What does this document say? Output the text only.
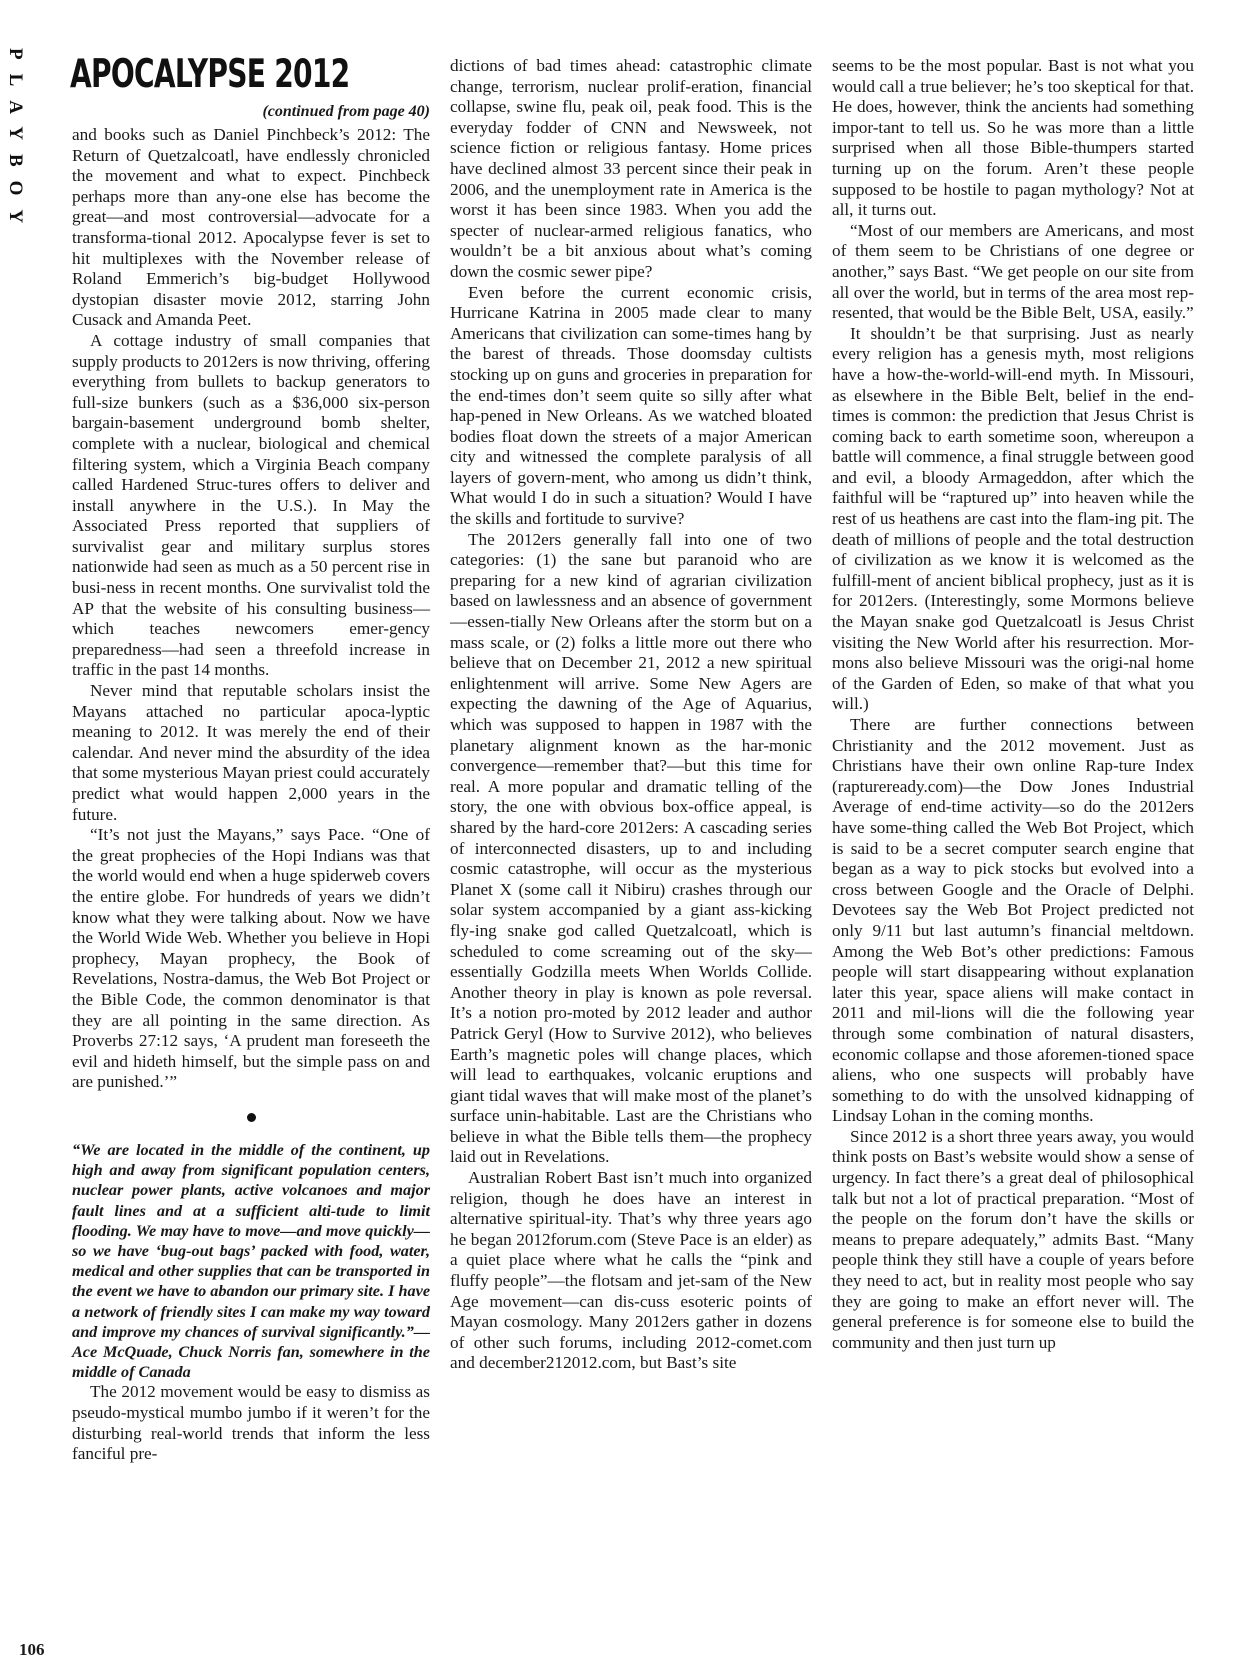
PLAYBOY APOCALYPSE 2012
(continued from page 40)

and books such as Daniel Pinchbeck’s 2012: The Return of Quetzalcoatl, have endlessly chronicled the movement and what to expect. Pinchbeck perhaps more than any-one else has become the great—and most controversial—advocate for a transforma-tional 2012. Apocalypse fever is set to hit multiplexes with the November release of Roland Emmerich’s big-budget Hollywood dystopian disaster movie 2012, starring John Cusack and Amanda Peet.

A cottage industry of small companies that supply products to 2012ers is now thriving, offering everything from bullets to backup generators to full-size bunkers (such as a $36,000 six-person bargain-basement underground bomb shelter, complete with a nuclear, biological and chemical filtering system, which a Virginia Beach company called Hardened Struc-tures offers to deliver and install anywhere in the U.S.). In May the Associated Press reported that suppliers of survivalist gear and military surplus stores nationwide had seen as much as a 50 percent rise in busi-ness in recent months. One survivalist told the AP that the website of his consulting business—which teaches newcomers emer-gency preparedness—had seen a threefold increase in traffic in the past 14 months.

Never mind that reputable scholars insist the Mayans attached no particular apoca-lyptic meaning to 2012. It was merely the end of their calendar. And never mind the absurdity of the idea that some mysterious Mayan priest could accurately predict what would happen 2,000 years in the future.

“It’s not just the Mayans,” says Pace. “One of the great prophecies of the Hopi Indians was that the world would end when a huge spiderweb covers the entire globe. For hundreds of years we didn’t know what they were talking about. Now we have the World Wide Web. Whether you believe in Hopi prophecy, Mayan prophecy, the Book of Revelations, Nostra-damus, the Web Bot Project or the Bible Code, the common denominator is that they are all pointing in the same direction. As Proverbs 27:12 says, ‘A prudent man foreseeth the evil and hideth himself, but the simple pass on and are punished.’”

“We are located in the middle of the continent, up high and away from significant population centers, nuclear power plants, active volcanoes and major fault lines and at a sufficient alti-tude to limit flooding. We may have to move—and move quickly—so we have ‘bug-out bags’ packed with food, water, medical and other supplies that can be transported in the event we have to abandon our primary site. I have a network of friendly sites I can make my way toward and improve my chances of survival significantly.”—Ace McQuade, Chuck Norris fan, somewhere in the middle of Canada

The 2012 movement would be easy to dismiss as pseudo-mystical mumbo jumbo if it weren’t for the disturbing real-world trends that inform the less fanciful pre-

dictions of bad times ahead: catastrophic climate change, terrorism, nuclear prolif-eration, financial collapse, swine flu, peak oil, peak food. This is the everyday fodder of CNN and Newsweek, not science fiction or religious fantasy. Home prices have declined almost 33 percent since their peak in 2006, and the unemployment rate in America is the worst it has been since 1983. When you add the specter of nuclear-armed religious fanatics, who wouldn’t be a bit anxious about what’s coming down the cosmic sewer pipe?

Even before the current economic crisis, Hurricane Katrina in 2005 made clear to many Americans that civilization can some-times hang by the barest of threads. Those doomsday cultists stocking up on guns and groceries in preparation for the end-times don’t seem quite so silly after what hap-pened in New Orleans. As we watched bloated bodies float down the streets of a major American city and witnessed the complete paralysis of all layers of govern-ment, who among us didn’t think, What would I do in such a situation? Would I have the skills and fortitude to survive?

The 2012ers generally fall into one of two categories: (1) the sane but paranoid who are preparing for a new kind of agrarian civilization based on lawlessness and an absence of government—essen-tially New Orleans after the storm but on a mass scale, or (2) folks a little more out there who believe that on December 21, 2012 a new spiritual enlightenment will arrive. Some New Agers are expecting the dawning of the Age of Aquarius, which was supposed to happen in 1987 with the planetary alignment known as the har-monic convergence—remember that?—but this time for real. A more popular and dramatic telling of the story, the one with obvious box-office appeal, is shared by the hard-core 2012ers: A cascading series of interconnected disasters, up to and including cosmic catastrophe, will occur as the mysterious Planet X (some call it Nibiru) crashes through our solar system accompanied by a giant ass-kicking fly-ing snake god called Quetzalcoatl, which is scheduled to come screaming out of the sky—essentially Godzilla meets When Worlds Collide. Another theory in play is known as pole reversal. It’s a notion pro-moted by 2012 leader and author Patrick Geryl (How to Survive 2012), who believes Earth’s magnetic poles will change places, which will lead to earthquakes, volcanic eruptions and giant tidal waves that will make most of the planet’s surface unin-habitable. Last are the Christians who believe in what the Bible tells them—the prophecy laid out in Revelations.

Australian Robert Bast isn’t much into organized religion, though he does have an interest in alternative spiritual-ity. That’s why three years ago he began 2012forum.com (Steve Pace is an elder) as a quiet place where what he calls the “pink and fluffy people”—the flotsam and jet-sam of the New Age movement—can dis-cuss esoteric points of Mayan cosmology. Many 2012ers gather in dozens of other such forums, including 2012-comet.com and december212012.com, but Bast’s site

seems to be the most popular. Bast is not what you would call a true believer; he’s too skeptical for that. He does, however, think the ancients had something impor-tant to tell us. So he was more than a little surprised when all those Bible-thumpers started turning up on the forum. Aren’t these people supposed to be hostile to pagan mythology? Not at all, it turns out.

“Most of our members are Americans, and most of them seem to be Christians of one degree or another,” says Bast. “We get people on our site from all over the world, but in terms of the area most rep-resented, that would be the Bible Belt, USA, easily.”

It shouldn’t be that surprising. Just as nearly every religion has a genesis myth, most religions have a how-the-world-will-end myth. In Missouri, as elsewhere in the Bible Belt, belief in the end-times is common: the prediction that Jesus Christ is coming back to earth sometime soon, whereupon a battle will commence, a final struggle between good and evil, a bloody Armageddon, after which the faithful will be “raptured up” into heaven while the rest of us heathens are cast into the flam-ing pit. The death of millions of people and the total destruction of civilization as we know it is welcomed as the fulfill-ment of ancient biblical prophecy, just as it is for 2012ers. (Interestingly, some Mormons believe the Mayan snake god Quetzalcoatl is Jesus Christ visiting the New World after his resurrection. Mor-mons also believe Missouri was the origi-nal home of the Garden of Eden, so make of that what you will.)

There are further connections between Christianity and the 2012 movement. Just as Christians have their own online Rap-ture Index (raptureready.com)—the Dow Jones Industrial Average of end-time activity—so do the 2012ers have some-thing called the Web Bot Project, which is said to be a secret computer search engine that began as a way to pick stocks but evolved into a cross between Google and the Oracle of Delphi. Devotees say the Web Bot Project predicted not only 9/11 but last autumn’s financial meltdown. Among the Web Bot’s other predictions: Famous people will start disappearing without explanation later this year, space aliens will make contact in 2011 and mil-lions will die the following year through some combination of natural disasters, economic collapse and those aforemen-tioned space aliens, who one suspects will probably have something to do with the unsolved kidnapping of Lindsay Lohan in the coming months.

Since 2012 is a short three years away, you would think posts on Bast’s website would show a sense of urgency. In fact there’s a great deal of philosophical talk but not a lot of practical preparation. “Most of the people on the forum don’t have the skills or means to prepare adequately,” admits Bast. “Many people think they still have a couple of years before they need to act, but in reality most people who say they are going to make an effort never will. The general preference is for someone else to build the community and then just turn up

106
